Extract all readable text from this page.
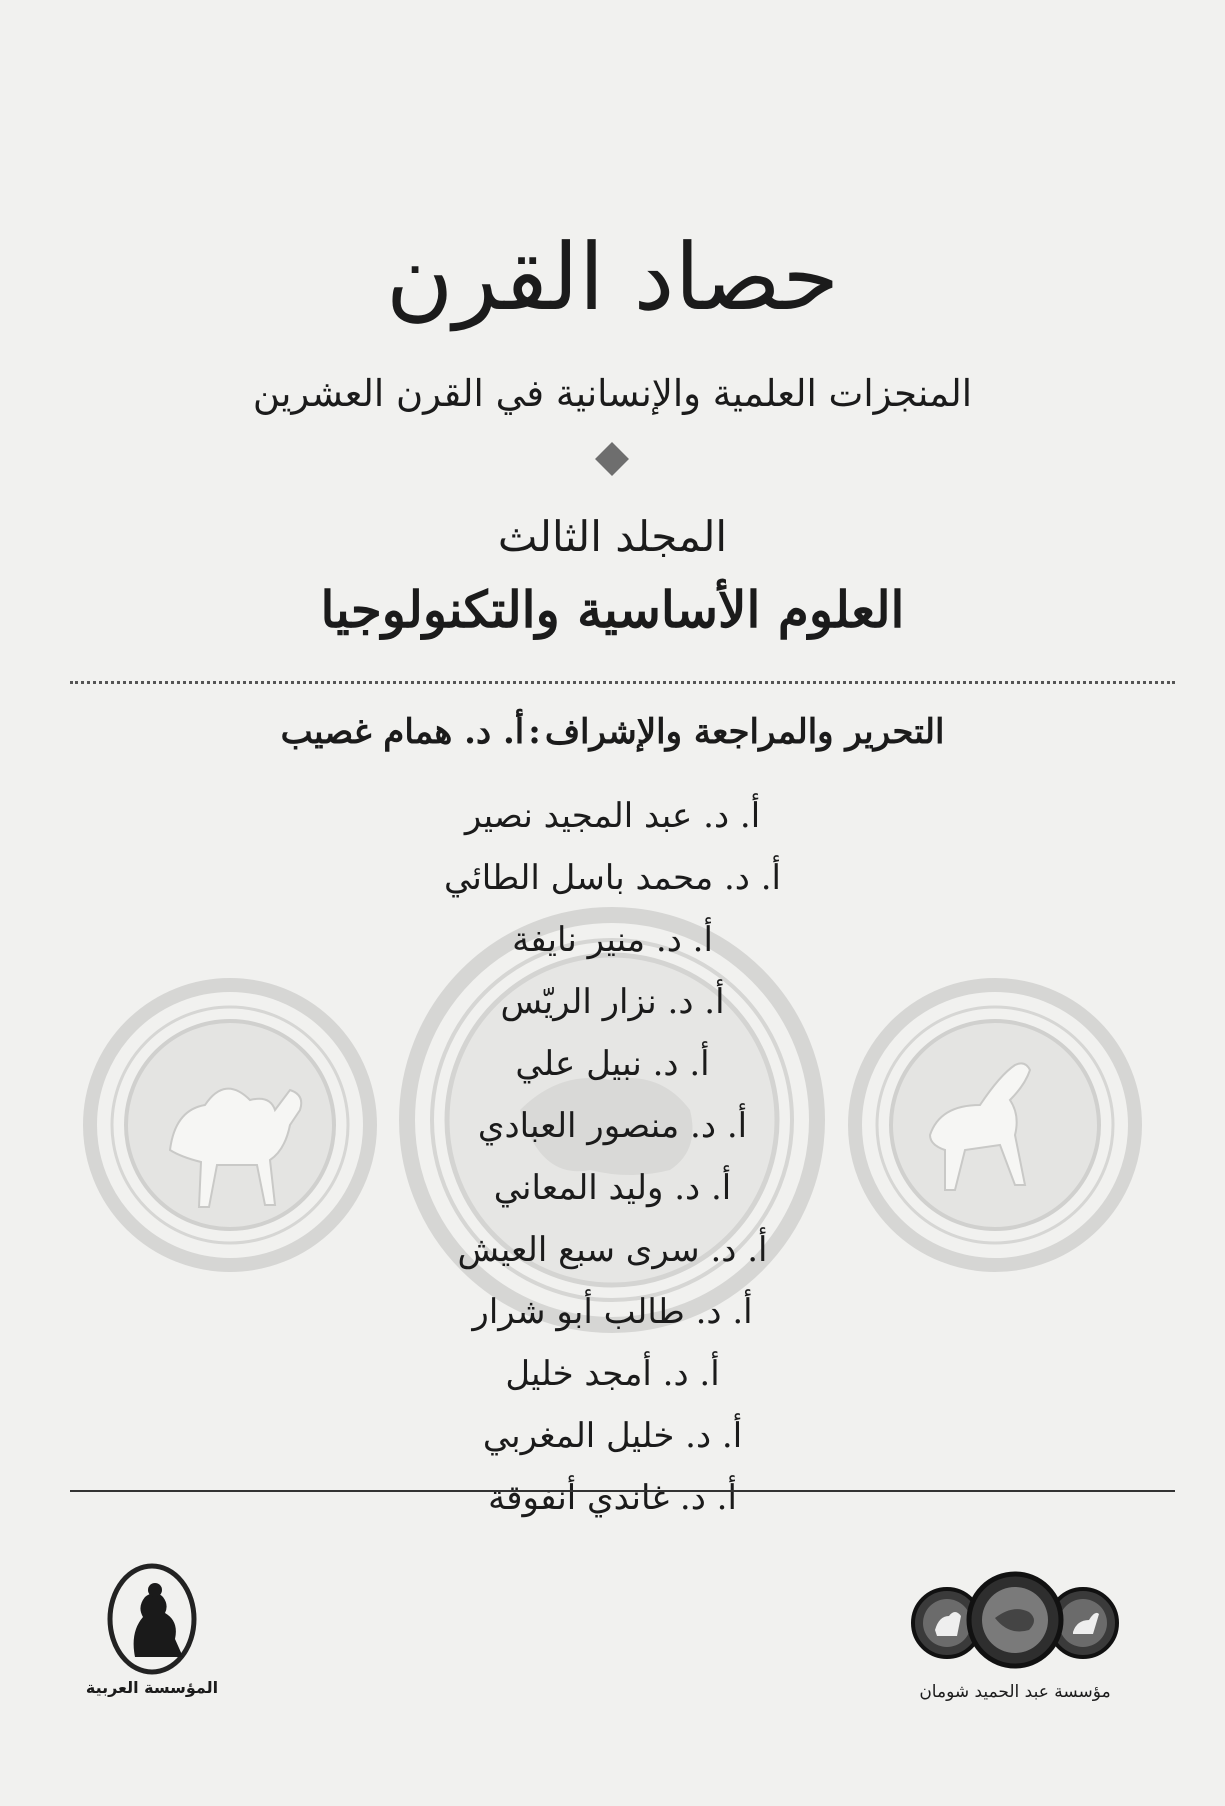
حصاد القرن
المنجزات العلمية والإنسانية في القرن العشرين
المجلد الثالث
العلوم الأساسية والتكنولوجيا
التحرير والمراجعة والإشراف:أ. د. همام غصيب
أ. د. عبد المجيد نصير
أ. د. محمد باسل الطائي
أ. د. منير نايفة
أ. د. نزار الريّس
أ. د. نبيل علي
أ. د. منصور العبادي
أ. د. وليد المعاني
أ. د. سرى سبع العيش
أ. د. طالب أبو شرار
أ. د. أمجد خليل
أ. د. خليل المغربي
أ. د. غاندي أنفوقة
المؤسسة العربية	مؤسسة عبد الحميد شومان
